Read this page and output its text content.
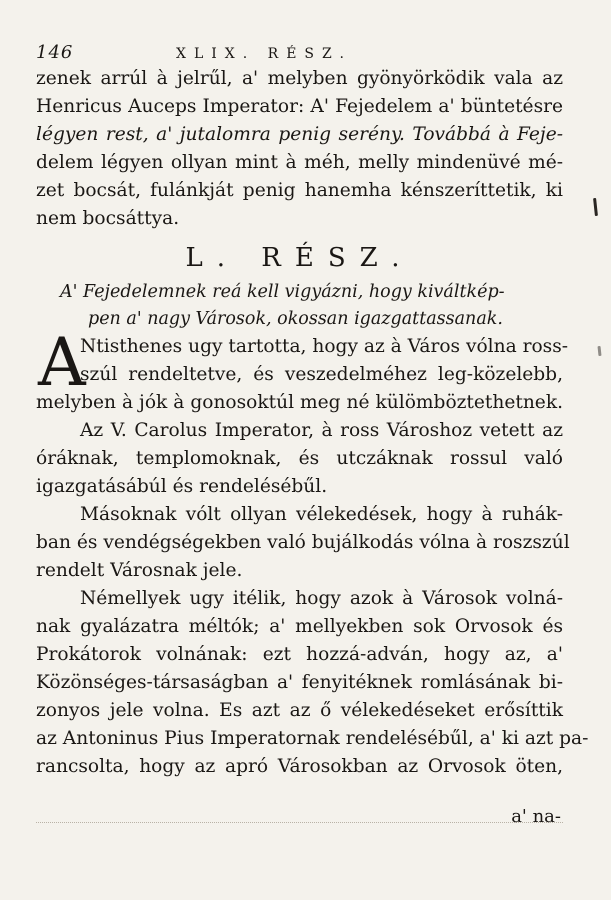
146	XLIX. RÉSZ.
zenek arrúl à jelrűl, a' melyben gyönyörködik vala az
Henricus Auceps Imperator: A' Fejedelem a' büntetésre
légyen rest, a' jutalomra penig serény. Továbbá à Feje-
delem légyen ollyan mint à méh, melly mindenüvé mé-
zet bocsát, fulánkját penig hanemha kénszeríttetik, ki
nem bocsáttya.
L. RÉSZ.
A' Fejedelemnek reá kell vigyázni, hogy kiváltkép-
pen a' nagy Városok, okossan igazgattassanak.
A
Ntisthenes ugy tartotta, hogy az à Város vólna ross-
szúl rendeltetve, és veszedelméhez leg-közelebb,
melyben à jók à gonosoktúl meg né külömböztethetnek.
Az V. Carolus Imperator, à ross Városhoz vetett az
óráknak, templomoknak, és utczáknak rossul való
igazgatásábúl és rendelésébűl.
Másoknak vólt ollyan vélekedések, hogy à ruhák-
ban és vendégségekben való bujálkodás vólna à roszszúl
rendelt Városnak jele.
Némellyek ugy itélik, hogy azok à Városok volná-
nak gyalázatra méltók; a' mellyekben sok Orvosok és
Prokátorok volnának: ezt hozzá-adván, hogy az, a'
Közönséges-társaságban a' fenyitéknek romlásának bi-
zonyos jele volna. Es azt az ő vélekedéseket erősíttik
az Antoninus Pius Imperatornak rendelésébűl, a' ki azt pa-
rancsolta, hogy az apró Városokban az Orvosok öten,
a' na-
